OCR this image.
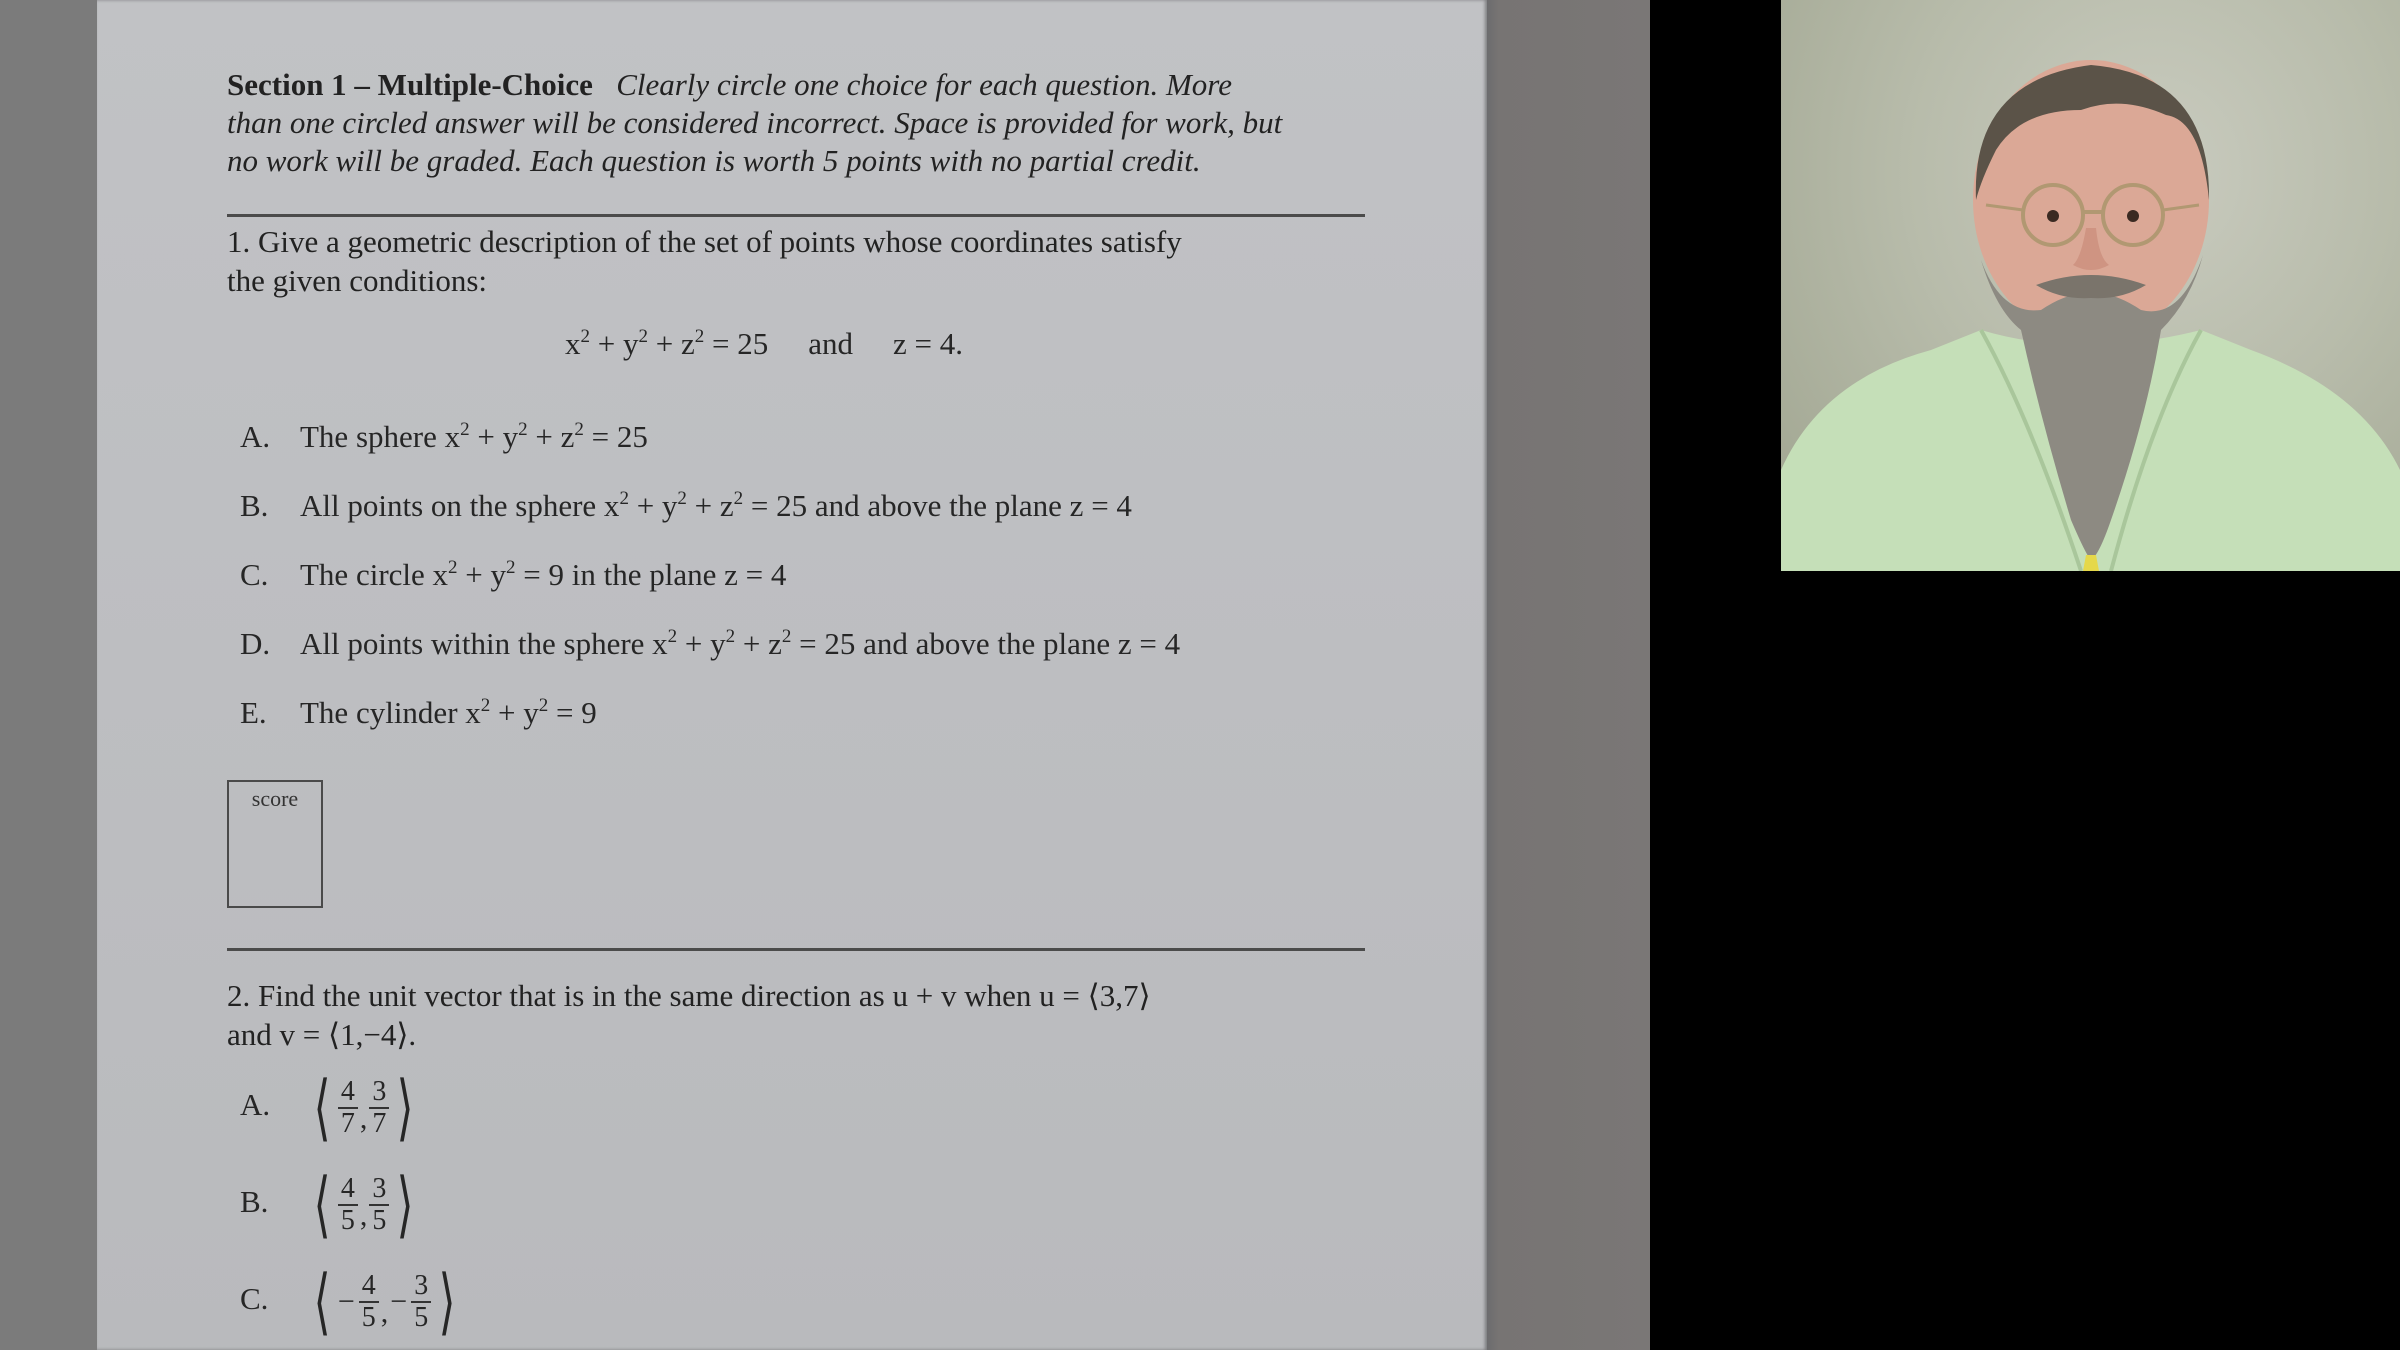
Section 1 – Multiple-Choice Clearly circle one choice for each question. More
than one circled answer will be considered incorrect. Space is provided for work, but
no work will be graded. Each question is worth 5 points with no partial credit.
1. Give a geometric description of the set of points whose coordinates satisfy
the given conditions:
$x^2 + y^2 + z^2 = 25$ and z = 4.
A. The sphere $x^2 + y^2 + z^2 = 25$
B. All points on the sphere $x^2 + y^2 + z^2 = 25$ and above the plane z = 4
C. The circle $x^2 + y^2 = 9$ in the plane z = 4
D. All points within the sphere $x^2 + y^2 + z^2 = 25$ and above the plane z = 4
E. The cylinder $x^2 + y^2 = 9$
score

2. Find the unit vector that is in the same direction as u + v when u = ⟨3,7⟩
and v = ⟨1,−4⟩.
A. ⟨ $\frac{4}{7}$ , $\frac{3}{7}$ ⟩
B. ⟨ $\frac{4}{5}$ , $\frac{3}{5}$ ⟩
C. ⟨ − $\frac{4}{5}$ , − $\frac{3}{5}$ ⟩
